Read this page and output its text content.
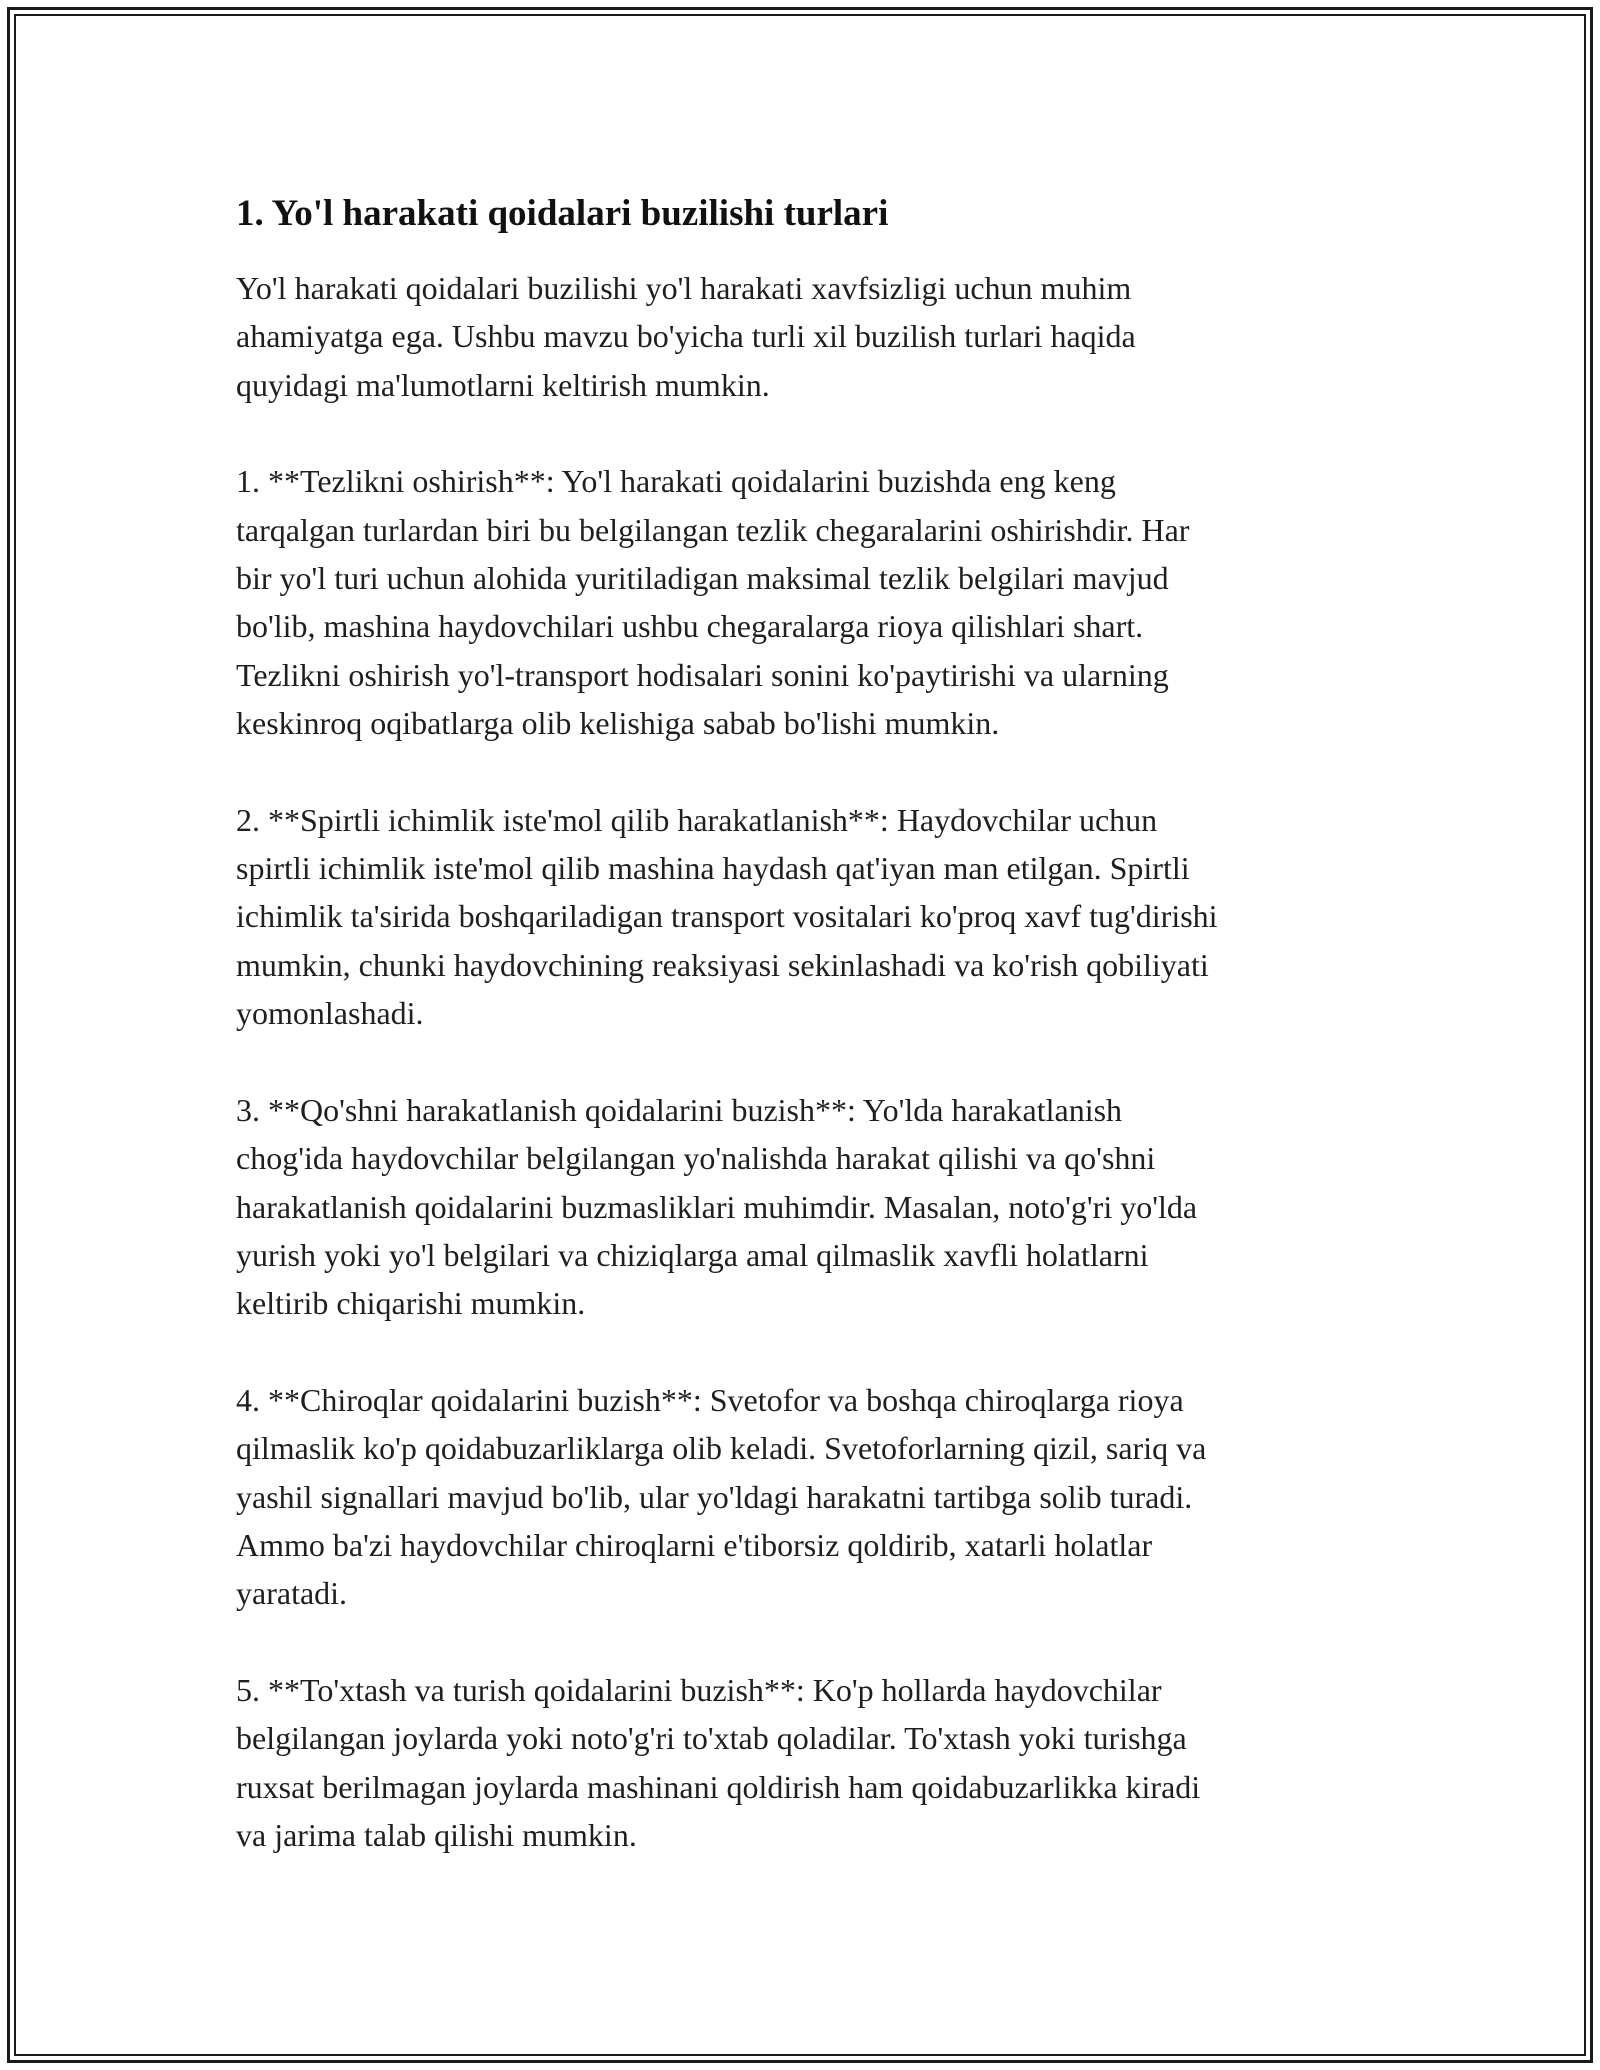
1. Yo'l harakati qoidalari buzilishi turlari

Yo'l harakati qoidalari buzilishi yo'l harakati xavfsizligi uchun muhim
ahamiyatga ega. Ushbu mavzu bo'yicha turli xil buzilish turlari haqida
quyidagi ma'lumotlarni keltirish mumkin.

1. **Tezlikni oshirish**: Yo'l harakati qoidalarini buzishda eng keng
tarqalgan turlardan biri bu belgilangan tezlik chegaralarini oshirishdir. Har
bir yo'l turi uchun alohida yuritiladigan maksimal tezlik belgilari mavjud
bo'lib, mashina haydovchilari ushbu chegaralarga rioya qilishlari shart.
Tezlikni oshirish yo'l-transport hodisalari sonini ko'paytirishi va ularning
keskinroq oqibatlarga olib kelishiga sabab bo'lishi mumkin.

2. **Spirtli ichimlik iste'mol qilib harakatlanish**: Haydovchilar uchun
spirtli ichimlik iste'mol qilib mashina haydash qat'iyan man etilgan. Spirtli
ichimlik ta'sirida boshqariladigan transport vositalari ko'proq xavf tug'dirishi
mumkin, chunki haydovchining reaksiyasi sekinlashadi va ko'rish qobiliyati
yomonlashadi.

3. **Qo'shni harakatlanish qoidalarini buzish**: Yo'lda harakatlanish
chog'ida haydovchilar belgilangan yo'nalishda harakat qilishi va qo'shni
harakatlanish qoidalarini buzmasliklari muhimdir. Masalan, noto'g'ri yo'lda
yurish yoki yo'l belgilari va chiziqlarga amal qilmaslik xavfli holatlarni
keltirib chiqarishi mumkin.

4. **Chiroqlar qoidalarini buzish**: Svetofor va boshqa chiroqlarga rioya
qilmaslik ko'p qoidabuzarliklarga olib keladi. Svetoforlarning qizil, sariq va
yashil signallari mavjud bo'lib, ular yo'ldagi harakatni tartibga solib turadi.
Ammo ba'zi haydovchilar chiroqlarni e'tiborsiz qoldirib, xatarli holatlar
yaratadi.

5. **To'xtash va turish qoidalarini buzish**: Ko'p hollarda haydovchilar
belgilangan joylarda yoki noto'g'ri to'xtab qoladilar. To'xtash yoki turishga
ruxsat berilmagan joylarda mashinani qoldirish ham qoidabuzarlikka kiradi
va jarima talab qilishi mumkin.
